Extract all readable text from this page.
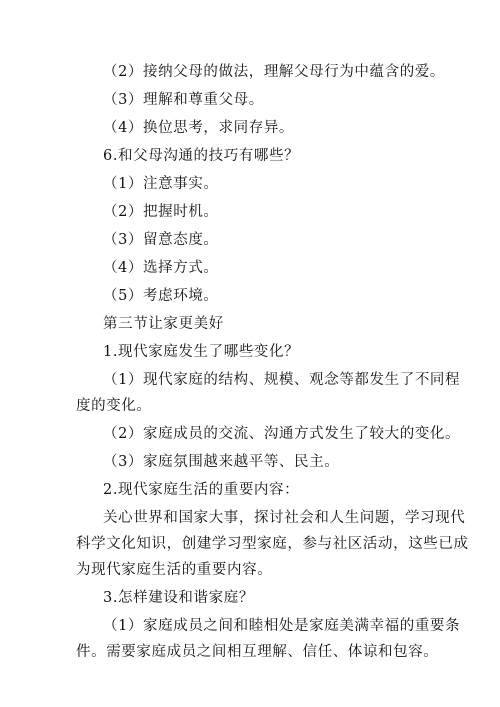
（2）接纳父母的做法，理解父母行为中蕴含的爱。
（3）理解和尊重父母。
（4）换位思考，求同存异。
6.和父母沟通的技巧有哪些？
（1）注意事实。
（2）把握时机。
（3）留意态度。
（4）选择方式。
（5）考虑环境。
第三节让家更美好
1.现代家庭发生了哪些变化？
（1）现代家庭的结构、规模、观念等都发生了不同程
度的变化。
（2）家庭成员的交流、沟通方式发生了较大的变化。
（3）家庭氛围越来越平等、民主。
2.现代家庭生活的重要内容：
关心世界和国家大事，探讨社会和人生问题，学习现代
科学文化知识，创建学习型家庭，参与社区活动，这些已成
为现代家庭生活的重要内容。
3.怎样建设和谐家庭？
（1）家庭成员之间和睦相处是家庭美满幸福的重要条
件。需要家庭成员之间相互理解、信任、体谅和包容。
